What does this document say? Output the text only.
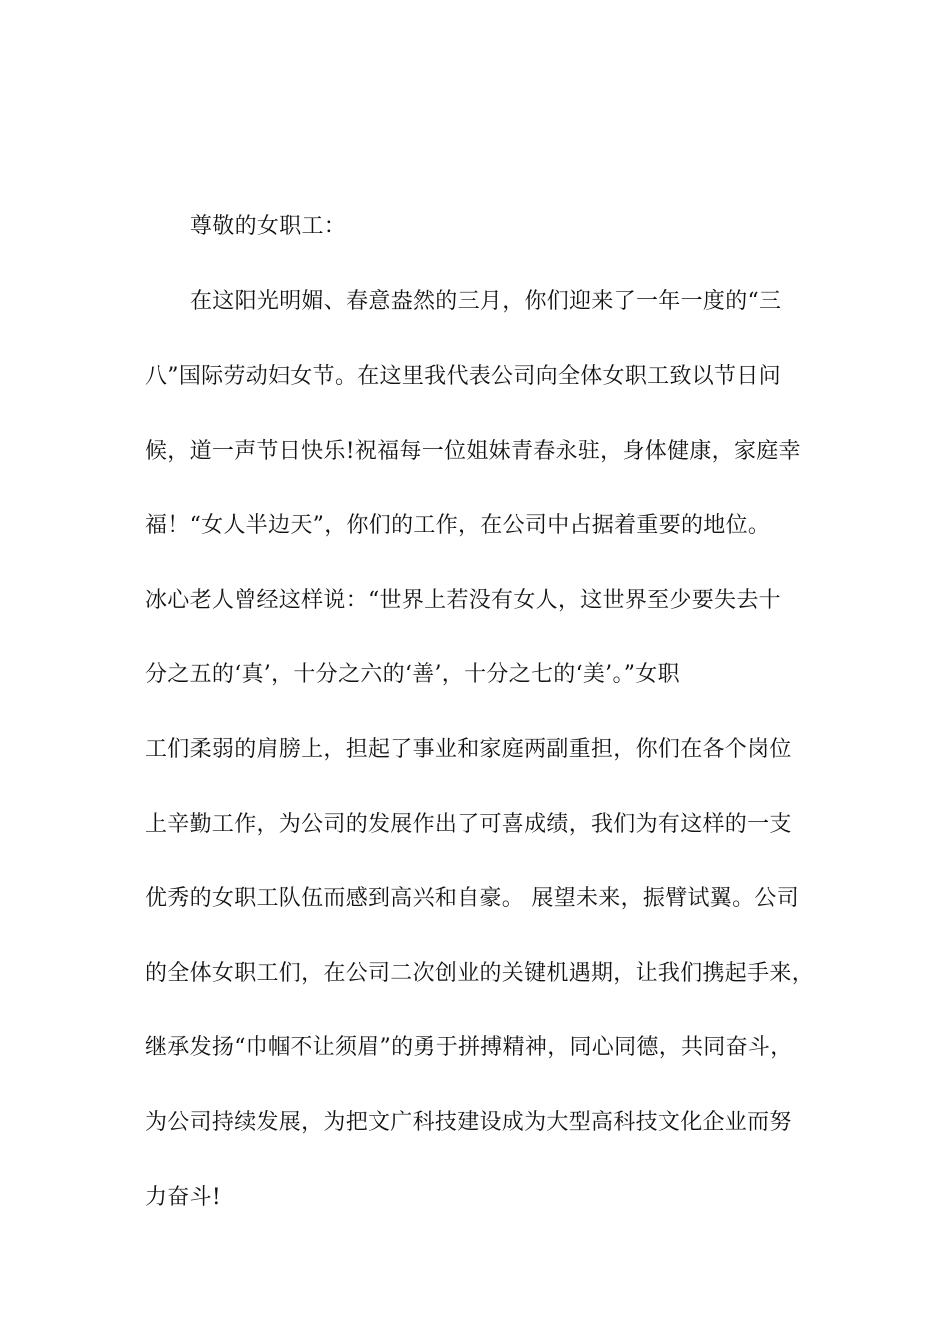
尊敬的女职工：
在这阳光明媚、春意盎然的三月，你们迎来了一年一度的“三
八”国际劳动妇女节。在这里我代表公司向全体女职工致以节日问
候，道一声节日快乐!祝福每一位姐妹青春永驻，身体健康，家庭幸
福！“女人半边天”，你们的工作，在公司中占据着重要的地位。
冰心老人曾经这样说：“世界上若没有女人，这世界至少要失去十
分之五的‘真’，十分之六的‘善’，十分之七的‘美’。”女职
工们柔弱的肩膀上，担起了事业和家庭两副重担，你们在各个岗位
上辛勤工作，为公司的发展作出了可喜成绩，我们为有这样的一支
优秀的女职工队伍而感到高兴和自豪。 展望未来，振臂试翼。公司
的全体女职工们，在公司二次创业的关键机遇期，让我们携起手来，
继承发扬“巾帼不让须眉”的勇于拼搏精神，同心同德，共同奋斗，
为公司持续发展，为把文广科技建设成为大型高科技文化企业而努
力奋斗!
